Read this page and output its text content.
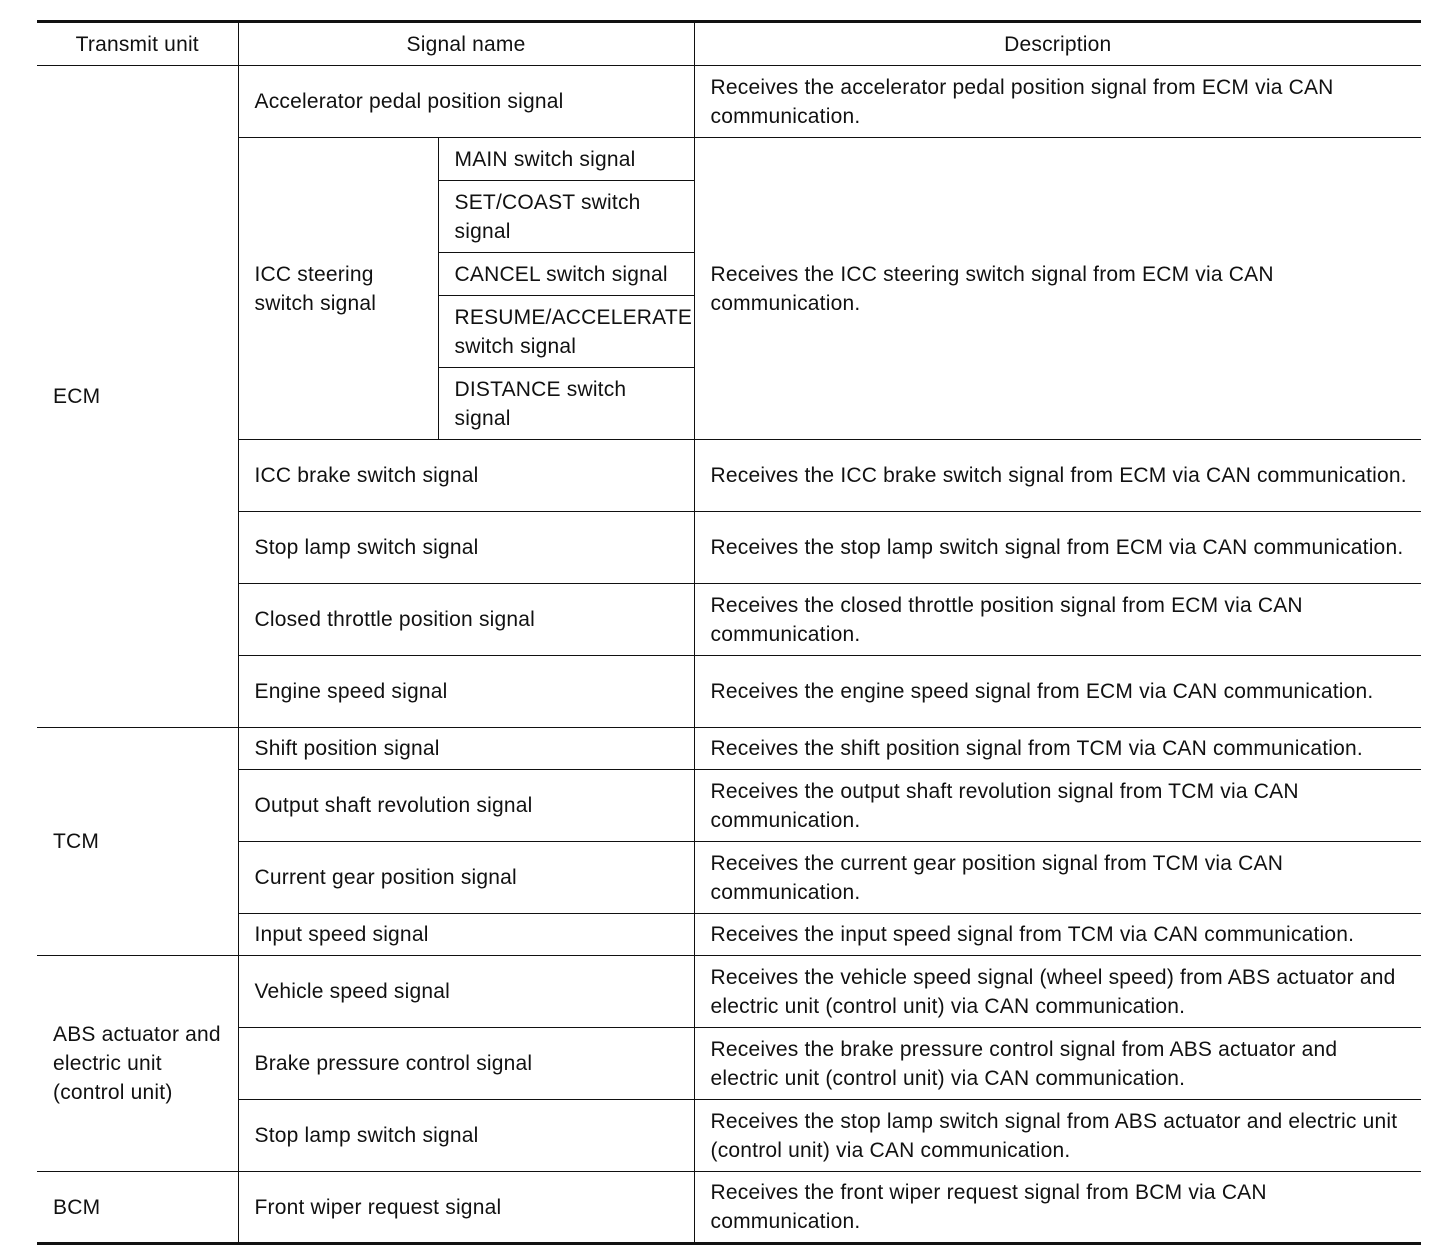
Transmit unit	Signal name		Description
ECM	Accelerator pedal position signal		Receives the accelerator pedal position signal from ECM via CAN communication.
	ICC steering switch signal	MAIN switch signal	Receives the ICC steering switch signal from ECM via CAN communication.
		SET/COAST switch signal	
		CANCEL switch signal	
		RESUME/ACCELERATE switch signal	
		DISTANCE switch signal	
	ICC brake switch signal		Receives the ICC brake switch signal from ECM via CAN communication.
	Stop lamp switch signal		Receives the stop lamp switch signal from ECM via CAN communication.
	Closed throttle position signal		Receives the closed throttle position signal from ECM via CAN communication.
	Engine speed signal		Receives the engine speed signal from ECM via CAN communication.

TCM	Shift position signal		Receives the shift position signal from TCM via CAN communication.
	Output shaft revolution signal		Receives the output shaft revolution signal from TCM via CAN communication.
	Current gear position signal		Receives the current gear position signal from TCM via CAN communication.
	Input speed signal		Receives the input speed signal from TCM via CAN communication.
ABS actuator and electric unit (control unit)	Vehicle speed signal		Receives the vehicle speed signal (wheel speed) from ABS actuator and electric unit (control unit) via CAN communication.
	Brake pressure control signal		Receives the brake pressure control signal from ABS actuator and electric unit (control unit) via CAN communication.
	Stop lamp switch signal		Receives the stop lamp switch signal from ABS actuator and electric unit (control unit) via CAN communication.
BCM	Front wiper request signal		Receives the front wiper request signal from BCM via CAN communication.
